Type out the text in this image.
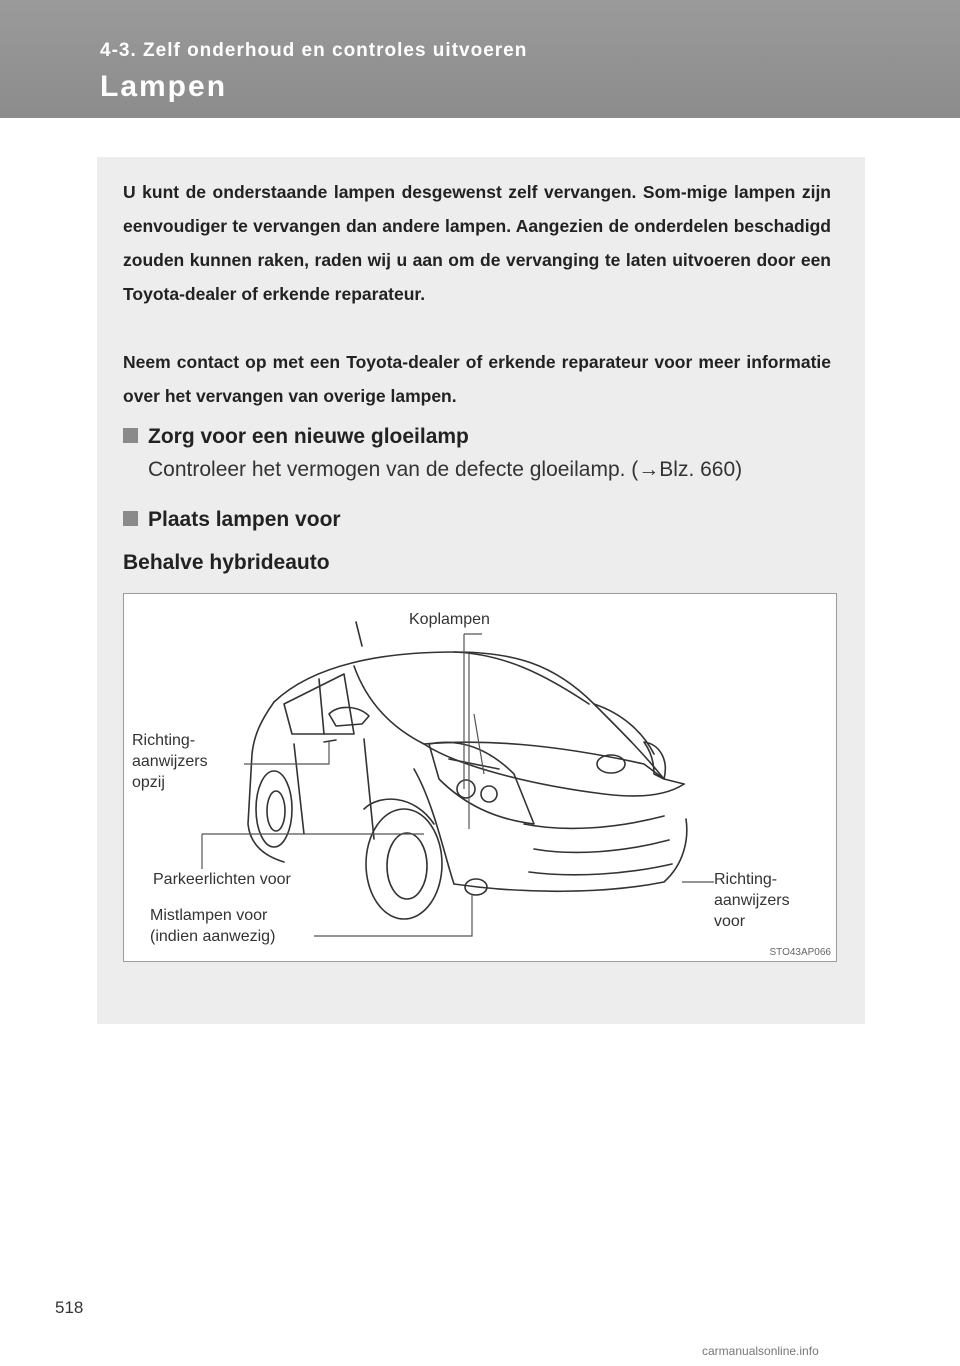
4-3. Zelf onderhoud en controles uitvoeren
Lampen
U kunt de onderstaande lampen desgewenst zelf vervangen. Som-mige lampen zijn eenvoudiger te vervangen dan andere lampen. Aangezien de onderdelen beschadigd zouden kunnen raken, raden wij u aan om de vervanging te laten uitvoeren door een Toyota-dealer of erkende reparateur.
Neem contact op met een Toyota-dealer of erkende reparateur voor meer informatie over het vervangen van overige lampen.
Zorg voor een nieuwe gloeilamp
Controleer het vermogen van de defecte gloeilamp. (→Blz. 660)
Plaats lampen voor
Behalve hybrideauto
Koplampen
Richting-
aanwijzers
opzij
Parkeerlichten voor
Mistlampen voor
(indien aanwezig)
Richting-
aanwijzers
voor
STO43AP066
518
carmanualsonline.info
